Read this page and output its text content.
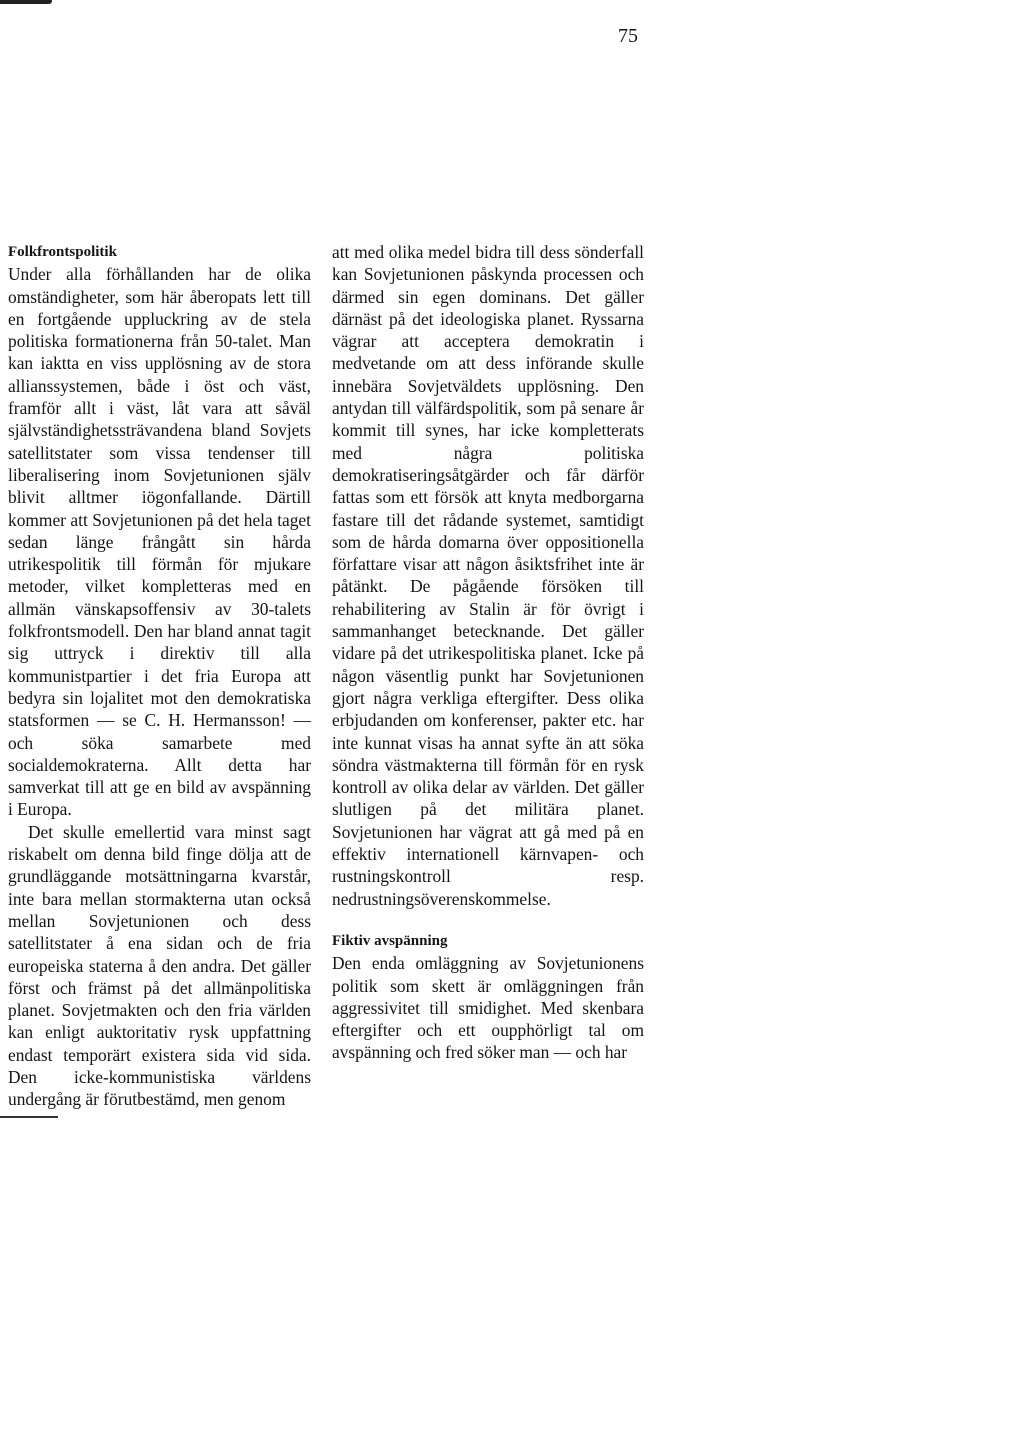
75
Folkfrontspolitik

Under alla förhållanden har de olika omständigheter, som här åberopats lett till en fortgående uppluckring av de stela politiska formationerna från 50-talet. Man kan iaktta en viss upplösning av de stora allianssystemen, både i öst och väst, framför allt i väst, låt vara att såväl självständighetssträvandena bland Sovjets satellitstater som vissa tendenser till liberalisering inom Sovjetunionen själv blivit alltmer iögonfallande. Därtill kommer att Sovjetunionen på det hela taget sedan länge frångått sin hårda utrikespolitik till förmån för mjukare metoder, vilket kompletteras med en allmän vänskapsoffensiv av 30-talets folkfrontsmodell. Den har bland annat tagit sig uttryck i direktiv till alla kommunistpartier i det fria Europa att bedyra sin lojalitet mot den demokratiska statsformen — se C. H. Hermansson! — och söka samarbete med socialdemokraterna. Allt detta har samverkat till att ge en bild av avspänning i Europa.

Det skulle emellertid vara minst sagt riskabelt om denna bild finge dölja att de grundläggande motsättningarna kvarstår, inte bara mellan stormakterna utan också mellan Sovjetunionen och dess satellitstater å ena sidan och de fria europeiska staterna å den andra. Det gäller först och främst på det allmänpolitiska planet. Sovjetmakten och den fria världen kan enligt auktoritativ rysk uppfattning endast temporärt existera sida vid sida. Den icke-kommunistiska världens undergång är förutbestämd, men genom

att med olika medel bidra till dess sönderfall kan Sovjetunionen påskynda processen och därmed sin egen dominans. Det gäller därnäst på det ideologiska planet. Ryssarna vägrar att acceptera demokratin i medvetande om att dess införande skulle innebära Sovjetväldets upplösning. Den antydan till välfärdspolitik, som på senare år kommit till synes, har icke kompletterats med några politiska demokratiseringsåtgärder och får därför fattas som ett försök att knyta medborgarna fastare till det rådande systemet, samtidigt som de hårda domarna över oppositionella författare visar att någon åsiktsfrihet inte är påtänkt. De pågående försöken till rehabilitering av Stalin är för övrigt i sammanhanget betecknande. Det gäller vidare på det utrikespolitiska planet. Icke på någon väsentlig punkt har Sovjetunionen gjort några verkliga eftergifter. Dess olika erbjudanden om konferenser, pakter etc. har inte kunnat visas ha annat syfte än att söka söndra västmakterna till förmån för en rysk kontroll av olika delar av världen. Det gäller slutligen på det militära planet. Sovjetunionen har vägrat att gå med på en effektiv internationell kärnvapen- och rustningskontroll resp. nedrustningsöverenskommelse.

Fiktiv avspänning

Den enda omläggning av Sovjetunionens politik som skett är omläggningen från aggressivitet till smidighet. Med skenbara eftergifter och ett oupphörligt tal om avspänning och fred söker man — och har
